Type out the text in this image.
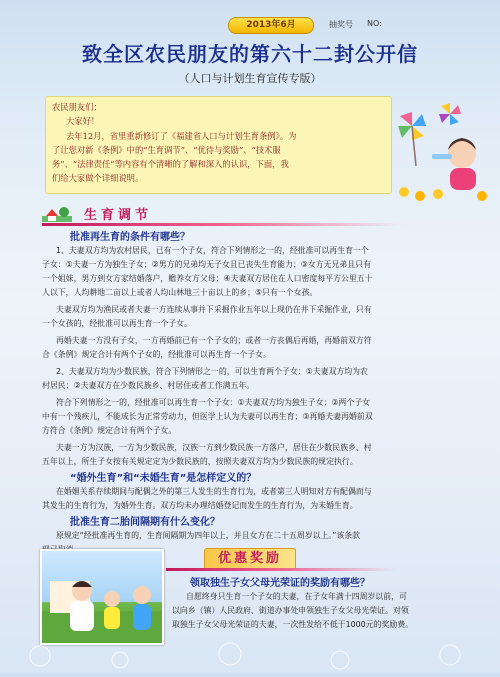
2013年6月	抽奖号 NO:
致全区农民朋友的第六十二封公开信
（人口与计划生育宣传专版）
农民朋友们：
大家好！
去年12月，省里重新修订了《福建省人口与计划生育条例》。为
了让您对新《条例》中的“生育调节”、“优待与奖励”、“技术服
务”、“法律责任”等内容有个清晰的了解和深入的认识，下面，我
们给大家做个详细说明。
生育调节
批准再生育的条件有哪些？
1、夫妻双方均为农村居民，已有一个子女，符合下列情形之一的，经批准可以再生育一个
子女：①夫妻一方为独生子女；②男方的兄弟均无子女且已丧失生育能力；③女方无兄弟且只有
一个姐妹，男方到女方家结婚落户，赡养女方父母；④夫妻双方居住在人口密度每平方公里五十
人以下，人均耕地二亩以上或者人均山林地三十亩以上的乡；⑤只有一个女孩。
夫妻双方均为渔民或者夫妻一方连续从事并下采掘作业五年以上现仍在井下采掘作业，只有
一个女孩的，经批准可以再生育一个子女。
再婚夫妻一方没有子女，一方再婚前已有一个子女的；或者一方丧偶后再婚，再婚前双方符
合《条例》规定合计有两个子女的，经批准可以再生育一个子女。
2、夫妻双方均为少数民族，符合下列情形之一的，可以生育两个子女：①夫妻双方均为农
村居民；②夫妻双方在少数民族乡、村居住或者工作满五年。
符合下列情形之一的，经批准可以再生育一个子女：①夫妻双方均为独生子女；②两个子女
中有一个残疾儿，不能成长为正常劳动力，但医学上认为夫妻可以再生育；③再婚夫妻再婚前双
方符合《条例》规定合计有两个子女。
夫妻一方为汉族，一方为少数民族，汉族一方到少数民族一方落户，居住在少数民族乡、村
五年以上，所生子女按有关规定定为少数民族的，按照夫妻双方均为少数民族的规定执行。
“婚外生育”和“未婚生育”是怎样定义的？
在婚姻关系存续期间与配偶之外的第三人发生的生育行为，或者第三人明知对方有配偶而与
其发生的生育行为，为婚外生育。双方均未办理结婚登记而发生的生育行为，为未婚生育。
批准生育二胎间隔期有什么变化？
原规定“经批准再生育的，生育间隔期为四年以上，并且女方在二十五周岁以上。”该条款
优惠奖励
领取独生子女父母光荣证的奖励有哪些？
自愿终身只生育一个子女的夫妻，在子女年满十四周岁以前，可
以向乡（镇）人民政府、街道办事处申领独生子女父母光荣证。对领
取独生子女父母光荣证的夫妻，一次性发给不低于1000元的奖励费。
